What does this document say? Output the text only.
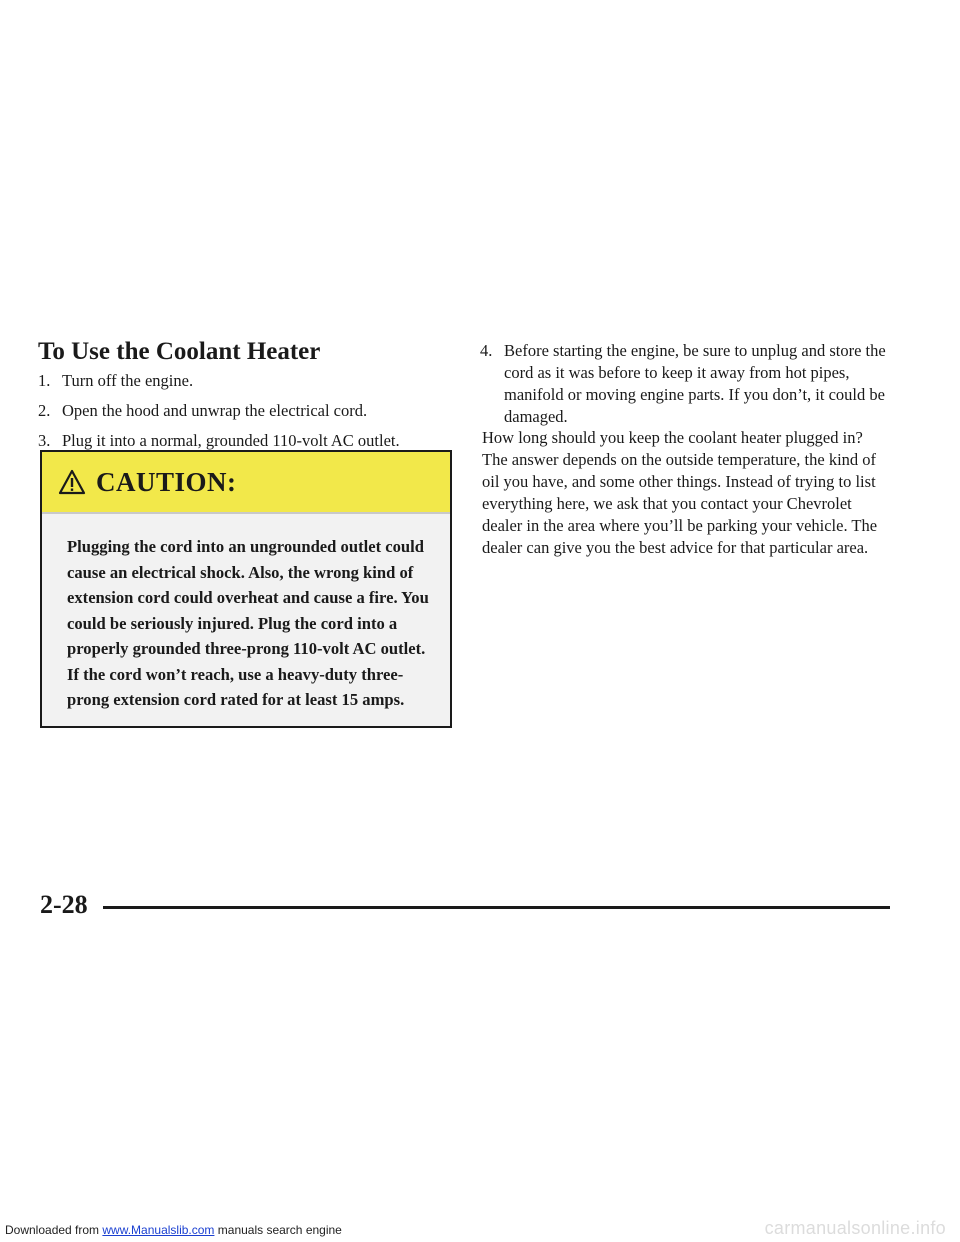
To Use the Coolant Heater
1. Turn off the engine.
2. Open the hood and unwrap the electrical cord.
3. Plug it into a normal, grounded 110-volt AC outlet.
CAUTION:

Plugging the cord into an ungrounded outlet could cause an electrical shock. Also, the wrong kind of extension cord could overheat and cause a fire. You could be seriously injured. Plug the cord into a properly grounded three-prong 110-volt AC outlet. If the cord won’t reach, use a heavy-duty three-prong extension cord rated for at least 15 amps.

4. Before starting the engine, be sure to unplug and store the cord as it was before to keep it away from hot pipes, manifold or moving engine parts. If you don’t, it could be damaged.

How long should you keep the coolant heater plugged in? The answer depends on the outside temperature, the kind of oil you have, and some other things. Instead of trying to list everything here, we ask that you contact your Chevrolet dealer in the area where you’ll be parking your vehicle. The dealer can give you the best advice for that particular area.

2-28
Downloaded from www.Manualslib.com manuals search engine	carmanualsonline.info
